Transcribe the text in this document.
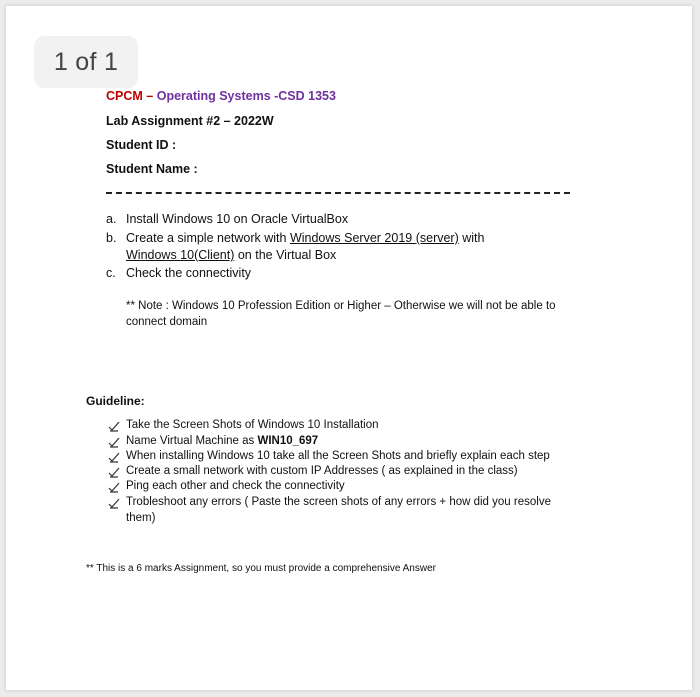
1 of 1
CPCM – Operating Systems -CSD 1353
Lab Assignment #2 – 2022W
Student ID :
Student Name :
a. Install Windows 10 on Oracle VirtualBox
b. Create a simple network with Windows Server 2019 (server) with
Windows 10(Client) on the Virtual Box
c. Check the connectivity
** Note : Windows 10 Profession Edition or Higher – Otherwise we will not be able to
connect domain
Guideline:
Take the Screen Shots of Windows 10 Installation
Name Virtual Machine as WIN10_697
When installing Windows 10 take all the Screen Shots and briefly explain each step
Create a small network with custom IP Addresses ( as explained in the class)
Ping each other and check the connectivity
Trobleshoot any errors ( Paste the screen shots of any errors + how did you resolve
them)
** This is a 6 marks Assignment, so you must provide a comprehensive Answer
